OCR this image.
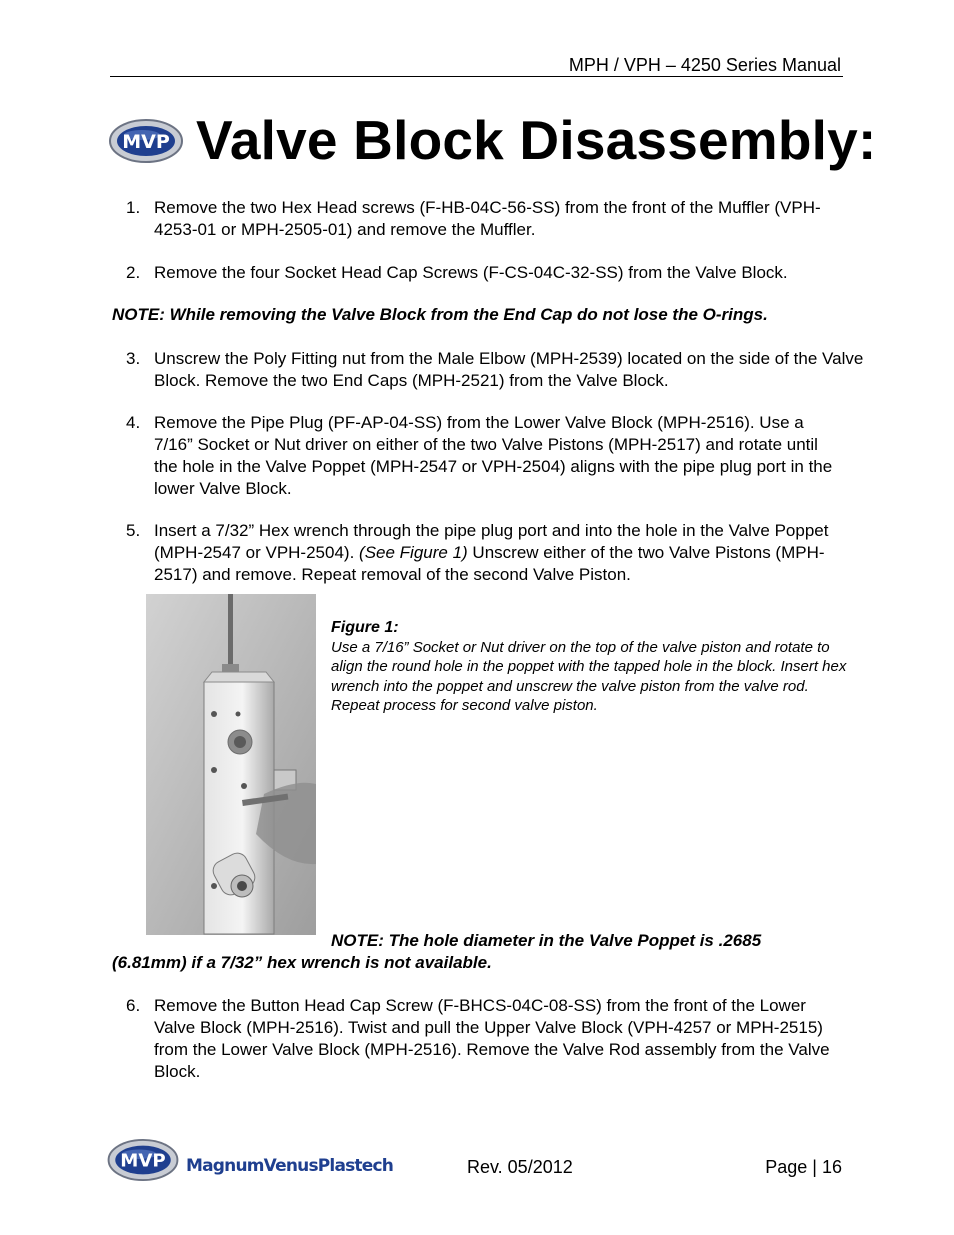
MPH / VPH – 4250 Series Manual
MVP Valve Block Disassembly:
1. Remove the two Hex Head screws (F-HB-04C-56-SS) from the front of the Muffler (VPH-4253-01 or MPH-2505-01) and remove the Muffler.
2. Remove the four Socket Head Cap Screws (F-CS-04C-32-SS) from the Valve Block.
NOTE: While removing the Valve Block from the End Cap do not lose the O-rings.
3. Unscrew the Poly Fitting nut from the Male Elbow (MPH-2539) located on the side of the Valve Block. Remove the two End Caps (MPH-2521) from the Valve Block.
4. Remove the Pipe Plug (PF-AP-04-SS) from the Lower Valve Block (MPH-2516). Use a 7/16” Socket or Nut driver on either of the two Valve Pistons (MPH-2517) and rotate until the hole in the Valve Poppet (MPH-2547 or VPH-2504) aligns with the pipe plug port in the lower Valve Block.
5. Insert a 7/32” Hex wrench through the pipe plug port and into the hole in the Valve Poppet (MPH-2547 or VPH-2504). (See Figure 1) Unscrew either of the two Valve Pistons (MPH-2517) and remove. Repeat removal of the second Valve Piston.
Figure 1:
Use a 7/16” Socket or Nut driver on the top of the valve piston and rotate to align the round hole in the poppet with the tapped hole in the block. Insert hex wrench into the poppet and unscrew the valve piston from the valve rod. Repeat process for second valve piston.
NOTE: The hole diameter in the Valve Poppet is .2685
(6.81mm) if a 7/32” hex wrench is not available.
6. Remove the Button Head Cap Screw (F-BHCS-04C-08-SS) from the front of the Lower Valve Block (MPH-2516). Twist and pull the Upper Valve Block (VPH-4257 or MPH-2515) from the Lower Valve Block (MPH-2516). Remove the Valve Rod assembly from the Valve Block.
MVP MagnumVenusPlastech	Rev. 05/2012	Page | 16
